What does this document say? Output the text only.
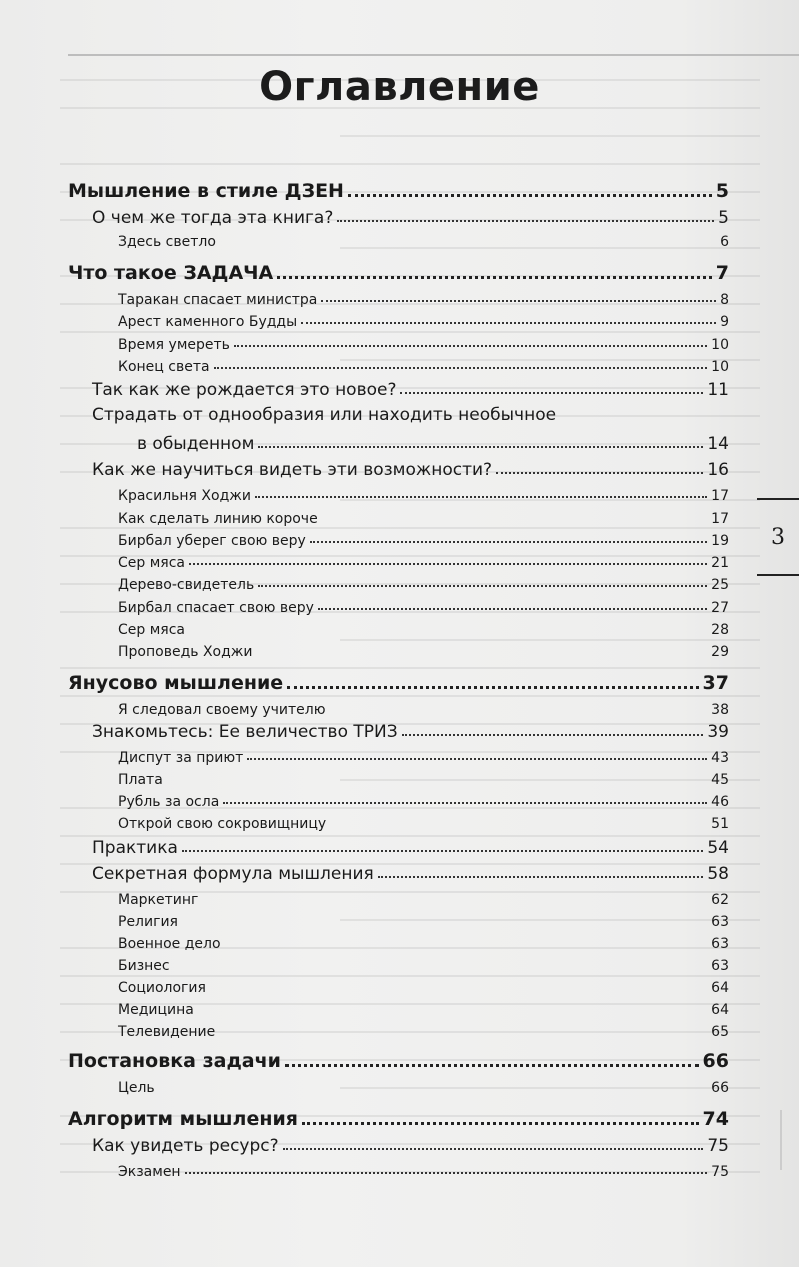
Оглавление
Мышление в стиле ДЗЕН	5
О чем же тогда эта книга?	5
Здесь светло	6
Что такое ЗАДАЧА	7
Таракан спасает министра	8
Арест каменного Будды	9
Время умереть	10
Конец света	10
Так как же рождается это новое?	11
Страдать от однообразия или находить необычное
в обыденном	14
Как же научиться видеть эти возможности?	16
Красильня Ходжи	17
Как сделать линию короче	17
Бирбал уберег свою веру	19
Сер мяса	21
Дерево-свидетель	25
Бирбал спасает свою веру	27
Сер мяса	28
Проповедь Ходжи	29
Янусово мышление	37
Я следовал своему учителю	38
Знакомьтесь: Ее величество ТРИЗ	39
Диспут за приют	43
Плата	45
Рубль за осла	46
Открой свою сокровищницу	51
Практика	54
Секретная формула мышления	58
Маркетинг	62
Религия	63
Военное дело	63
Бизнес	63
Социология	64
Медицина	64
Телевидение	65
Постановка задачи	66
Цель	66
Алгоритм мышления	74
Как увидеть ресурс?	75
Экзамен	75
3
